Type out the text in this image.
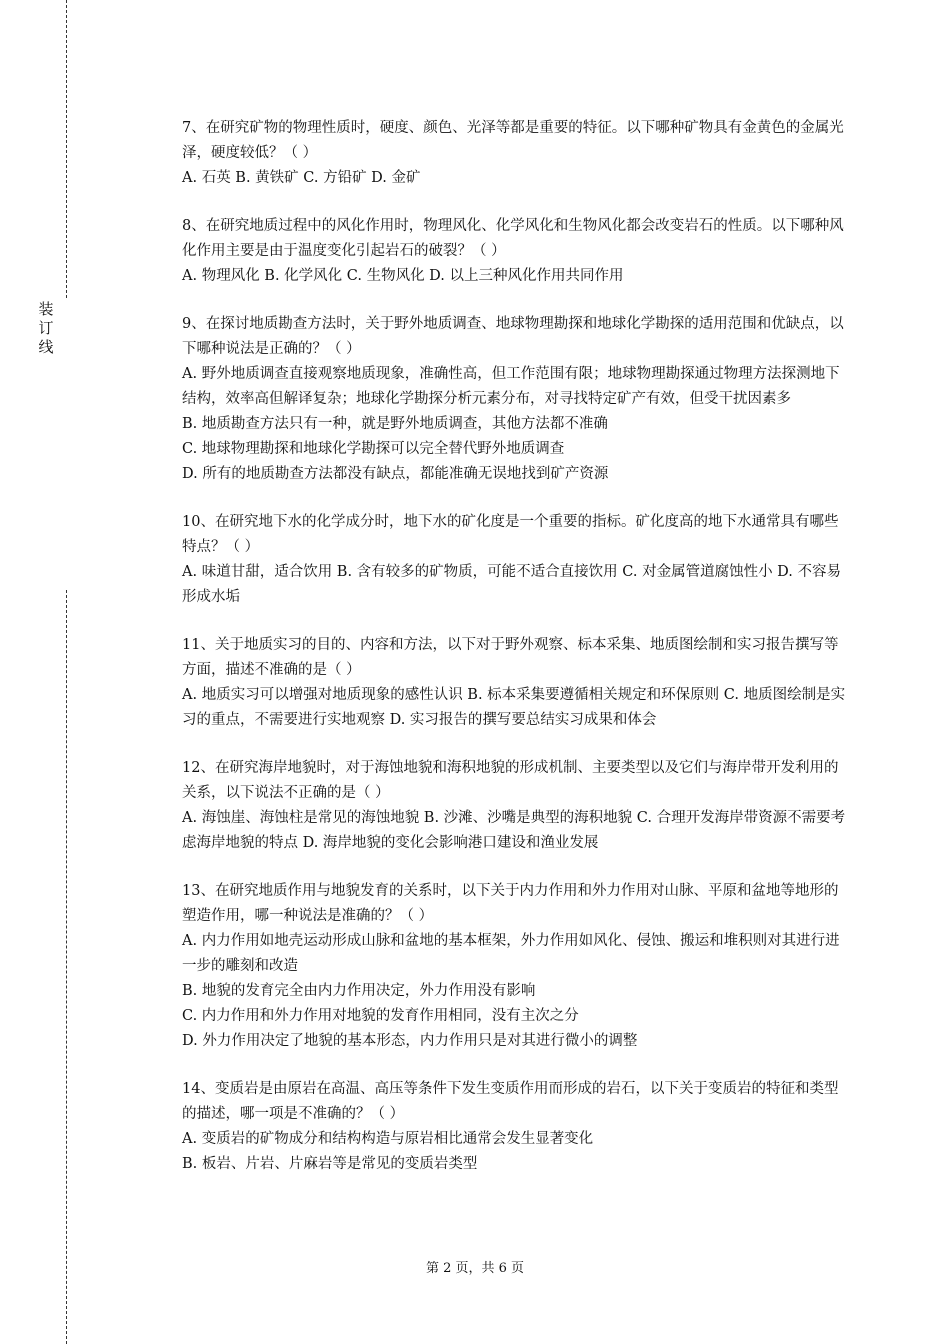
装订线

7、在研究矿物的物理性质时，硬度、颜色、光泽等都是重要的特征。以下哪种矿物具有金黄色的金属光泽，硬度较低？（ ）

A. 石英 B. 黄铁矿 C. 方铅矿 D. 金矿

8、在研究地质过程中的风化作用时，物理风化、化学风化和生物风化都会改变岩石的性质。以下哪种风化作用主要是由于温度变化引起岩石的破裂？（ ）

A. 物理风化 B. 化学风化 C. 生物风化 D. 以上三种风化作用共同作用

9、在探讨地质勘查方法时，关于野外地质调查、地球物理勘探和地球化学勘探的适用范围和优缺点，以下哪种说法是正确的？（ ）

A. 野外地质调查直接观察地质现象，准确性高，但工作范围有限；地球物理勘探通过物理方法探测地下结构，效率高但解译复杂；地球化学勘探分析元素分布，对寻找特定矿产有效，但受干扰因素多

B. 地质勘查方法只有一种，就是野外地质调查，其他方法都不准确

C. 地球物理勘探和地球化学勘探可以完全替代野外地质调查

D. 所有的地质勘查方法都没有缺点，都能准确无误地找到矿产资源

10、在研究地下水的化学成分时，地下水的矿化度是一个重要的指标。矿化度高的地下水通常具有哪些特点？（ ）

A. 味道甘甜，适合饮用 B. 含有较多的矿物质，可能不适合直接饮用 C. 对金属管道腐蚀性小 D. 不容易形成水垢

11、关于地质实习的目的、内容和方法，以下对于野外观察、标本采集、地质图绘制和实习报告撰写等方面，描述不准确的是（ ）

A. 地质实习可以增强对地质现象的感性认识 B. 标本采集要遵循相关规定和环保原则 C. 地质图绘制是实习的重点，不需要进行实地观察 D. 实习报告的撰写要总结实习成果和体会

12、在研究海岸地貌时，对于海蚀地貌和海积地貌的形成机制、主要类型以及它们与海岸带开发利用的关系，以下说法不正确的是（ ）

A. 海蚀崖、海蚀柱是常见的海蚀地貌 B. 沙滩、沙嘴是典型的海积地貌 C. 合理开发海岸带资源不需要考虑海岸地貌的特点 D. 海岸地貌的变化会影响港口建设和渔业发展

13、在研究地质作用与地貌发育的关系时，以下关于内力作用和外力作用对山脉、平原和盆地等地形的塑造作用，哪一种说法是准确的？（ ）

A. 内力作用如地壳运动形成山脉和盆地的基本框架，外力作用如风化、侵蚀、搬运和堆积则对其进行进一步的雕刻和改造

B. 地貌的发育完全由内力作用决定，外力作用没有影响

C. 内力作用和外力作用对地貌的发育作用相同，没有主次之分

D. 外力作用决定了地貌的基本形态，内力作用只是对其进行微小的调整

14、变质岩是由原岩在高温、高压等条件下发生变质作用而形成的岩石，以下关于变质岩的特征和类型的描述，哪一项是不准确的？（ ）

A. 变质岩的矿物成分和结构构造与原岩相比通常会发生显著变化

B. 板岩、片岩、片麻岩等是常见的变质岩类型

第 2 页，共 6 页
